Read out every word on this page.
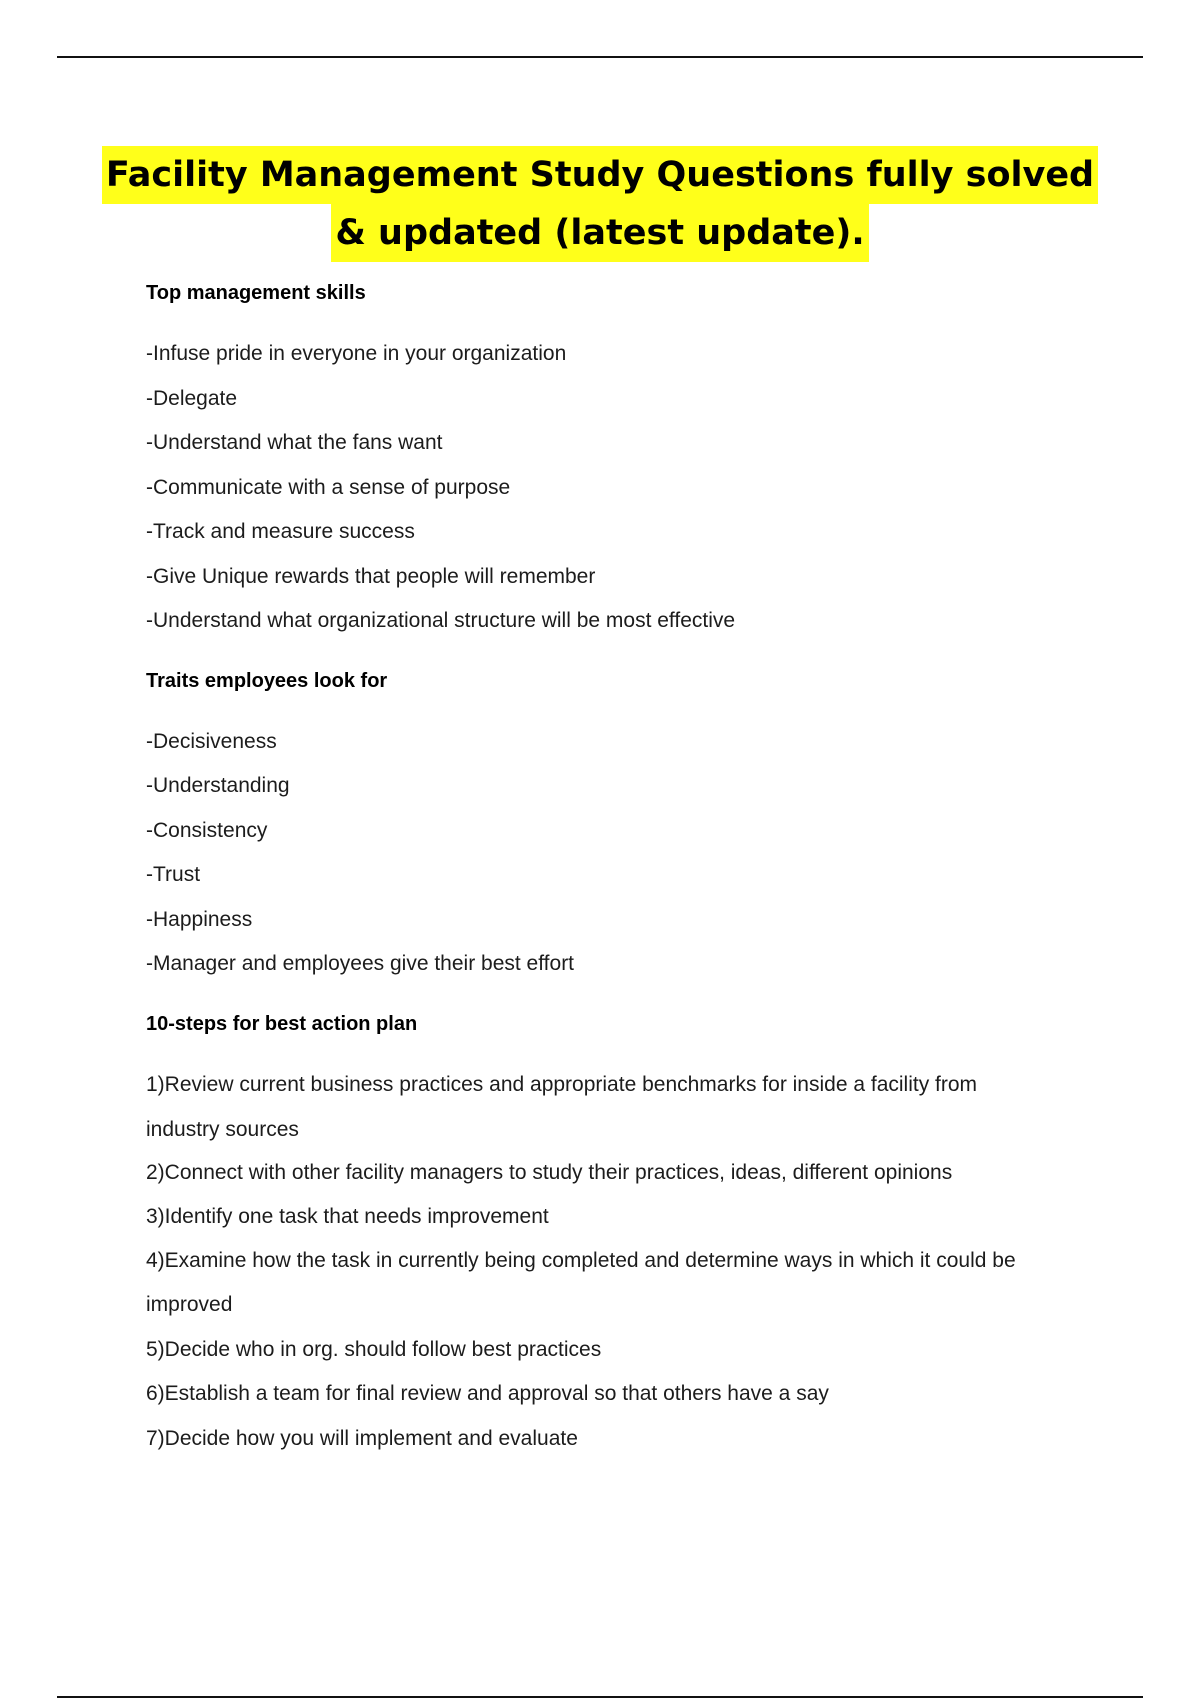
Facility Management Study Questions fully solved
& updated (latest update).
Top management skills
-Infuse pride in everyone in your organization
-Delegate
-Understand what the fans want
-Communicate with a sense of purpose
-Track and measure success
-Give Unique rewards that people will remember
-Understand what organizational structure will be most effective
Traits employees look for
-Decisiveness
-Understanding
-Consistency
-Trust
-Happiness
-Manager and employees give their best effort
10-steps for best action plan
1)Review current business practices and appropriate benchmarks for inside a facility from
industry sources
2)Connect with other facility managers to study their practices, ideas, different opinions
3)Identify one task that needs improvement
4)Examine how the task in currently being completed and determine ways in which it could be
improved
5)Decide who in org. should follow best practices
6)Establish a team for final review and approval so that others have a say
7)Decide how you will implement and evaluate
